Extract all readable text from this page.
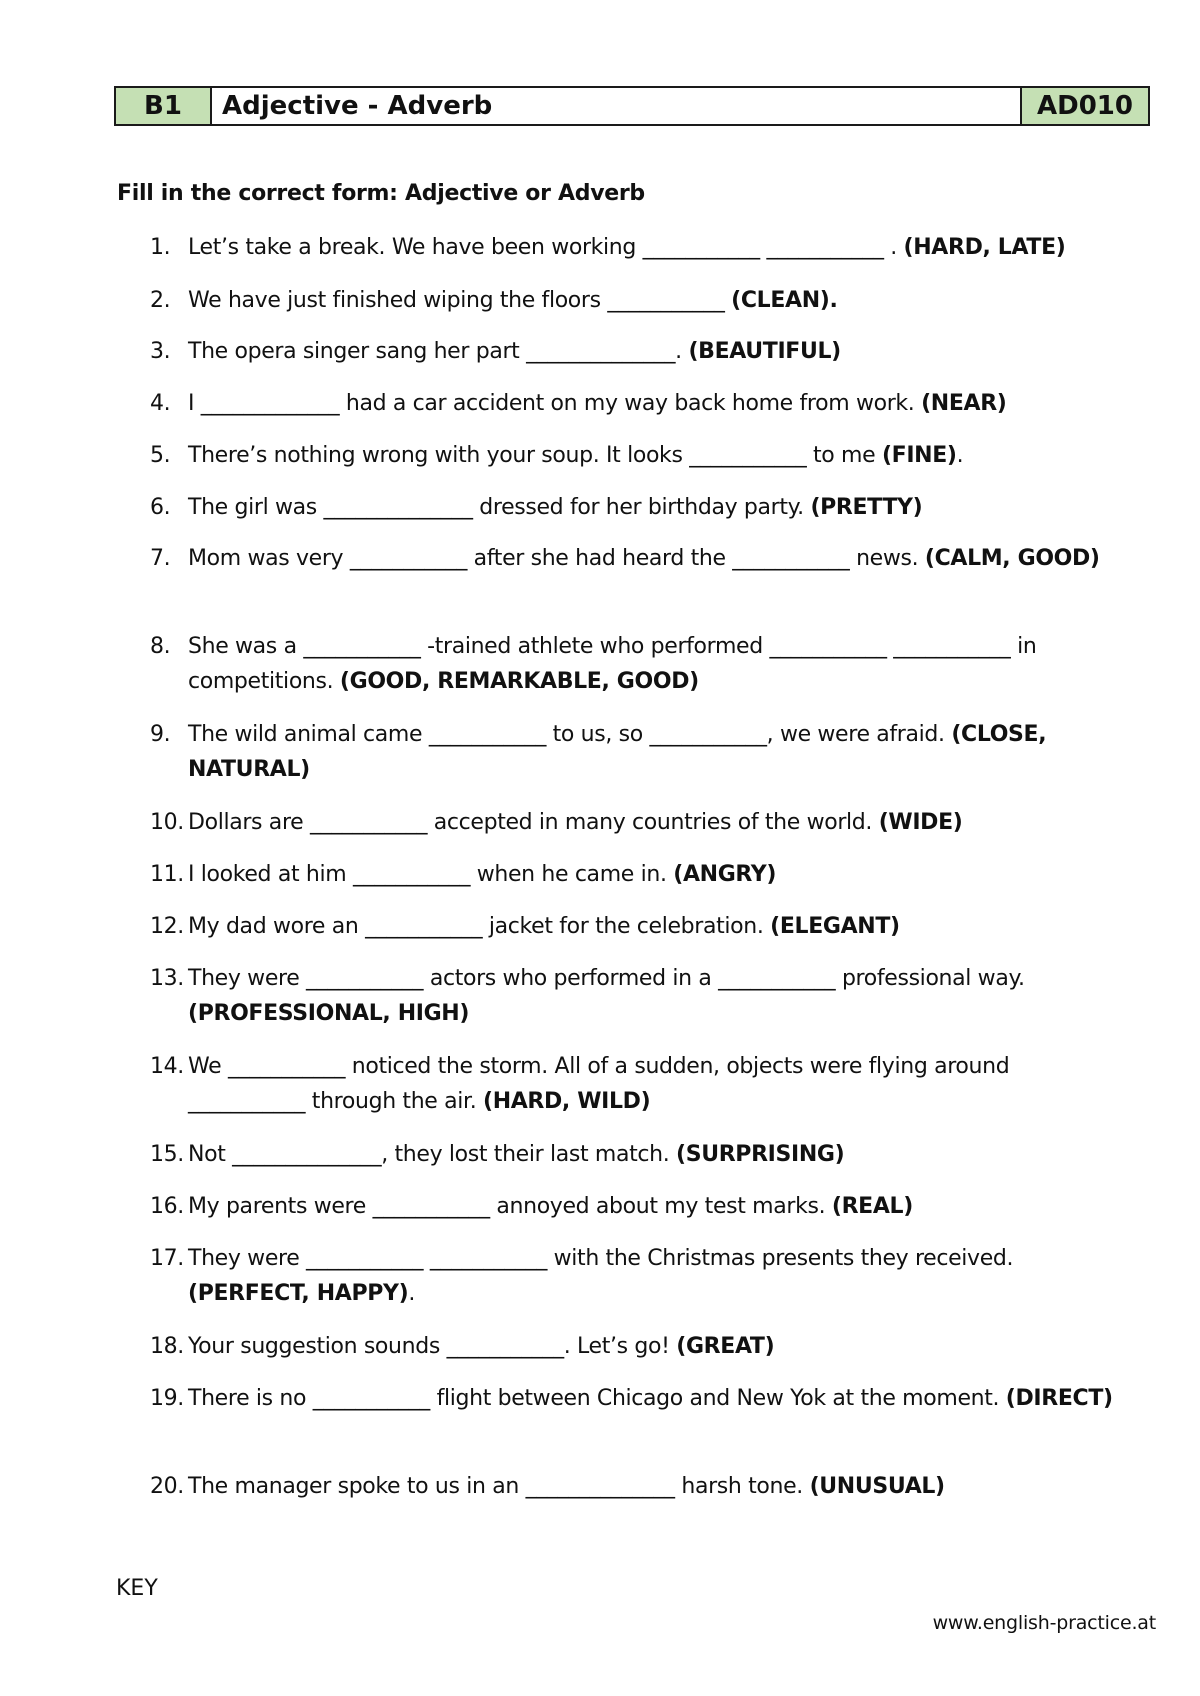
B1	Adjective - Adverb	AD010
Fill in the correct form: Adjective or Adverb
1. Let’s take a break. We have been working ___________ ___________ . (HARD, LATE)
2. We have just finished wiping the floors ___________ (CLEAN).
3. The opera singer sang her part ______________. (BEAUTIFUL)
4. I _____________ had a car accident on my way back home from work. (NEAR)
5. There’s nothing wrong with your soup. It looks ___________ to me (FINE).
6. The girl was ______________ dressed for her birthday party. (PRETTY)
7. Mom was very ___________ after she had heard the ___________ news. (CALM, GOOD)
8. She was a ___________ -trained athlete who performed ___________ ___________ in competitions. (GOOD, REMARKABLE, GOOD)
9. The wild animal came ___________ to us, so ___________, we were afraid. (CLOSE, NATURAL)
10. Dollars are ___________ accepted in many countries of the world. (WIDE)
11. I looked at him ___________ when he came in. (ANGRY)
12. My dad wore an ___________ jacket for the celebration. (ELEGANT)
13. They were ___________ actors who performed in a ___________ professional way. (PROFESSIONAL, HIGH)
14. We ___________ noticed the storm. All of a sudden, objects were flying around ___________ through the air. (HARD, WILD)
15. Not ______________, they lost their last match. (SURPRISING)
16. My parents were ___________ annoyed about my test marks. (REAL)
17. They were ___________ ___________ with the Christmas presents they received. (PERFECT, HAPPY).
18. Your suggestion sounds ___________. Let’s go! (GREAT)
19. There is no ___________ flight between Chicago and New Yok at the moment. (DIRECT)
20. The manager spoke to us in an ______________ harsh tone. (UNUSUAL)
KEY
www.english-practice.at
